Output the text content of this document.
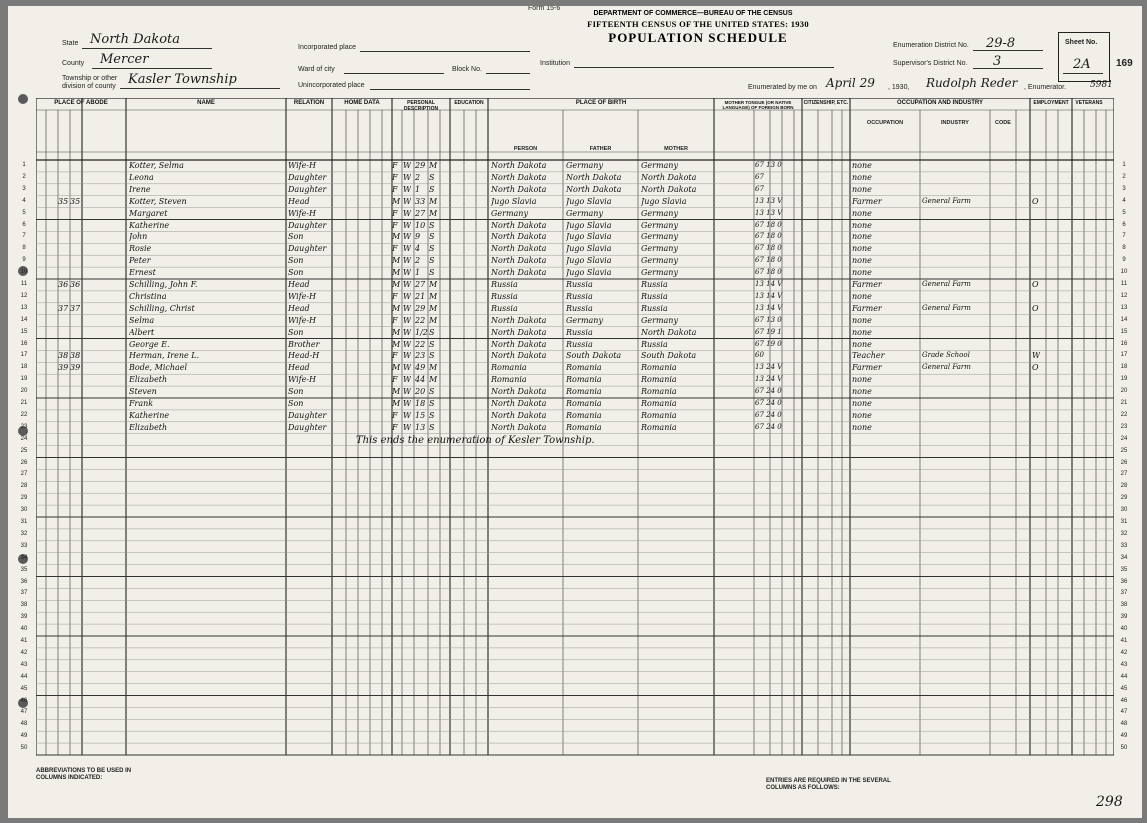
Form 15-6
DEPARTMENT OF COMMERCE—BUREAU OF THE CENSUS
FIFTEENTH CENSUS OF THE UNITED STATES: 1930
POPULATION SCHEDULE
State North Dakota
County Mercer
Township or other division of county Kasler Township
Incorporated place
Ward of city	Block No.
Unincorporated place
Institution
Enumeration District No. 29-8
Supervisor's District No. 3
Sheet No.
2A	169
5981
Enumerated by me on April 29 , 1930, Rudolph Reder , Enumerator.
PLACE OF ABODE	NAME	RELATION	HOME DATA	PERSONAL DESCRIPTION
EDUCATION	PLACE OF BIRTH	MOTHER TONGUE (OR NATIVE LANGUAGE) OF FOREIGN BORN
CITIZENSHIP, ETC.	OCCUPATION AND INDUSTRY	EMPLOYMENT	VETERANS
PERSON	FATHER	MOTHER
OCCUPATION	INDUSTRY	CODE
1	1
2	2
3	3
4	4
5	5
6	6
7	7
8	8
9	9
10	10
11	11
12	12
13	13
14	14
15	15
16	16
17	17
18	18
19	19
20	20
21	21
22	22
23	23
24	24
25	25
26	26
27	27
28	28
29	29
30	30
31	31
32	32
33	33
34	34
35	35
36	36
37	37
38	38
39	39
40	40
41	41
42	42
43	43
44	44
45	45
46	46
47	47
48	48
49	49
50	50
Kotter, Selma	Wife-H	F W 29 M	North Dakota	Germany	Germany	67 13 0	none
Leona	Daughter	F W 2	S	North Dakota	North Dakota	North Dakota	67	none
Irene	Daughter	F W 1	S	North Dakota	North Dakota	North Dakota	67	none
35 35	Kotter, Steven	Head	M W 33 M	Jugo Slavia	Jugo Slavia	Jugo Slavia	13 13 V	Farmer	General Farm	O
Margaret	Wife-H	F W 27 M	Germany	Germany	Germany	13 13 V	none
Katherine	Daughter	F W 10 S	North Dakota	Jugo Slavia	Germany	67 18 0	none
John	Son	M W 9	S	North Dakota	Jugo Slavia	Germany	67 18 0	none
Rosie	Daughter	F W 4	S	North Dakota	Jugo Slavia	Germany	67 18 0	none
Peter	Son	M W 2	S	North Dakota	Jugo Slavia	Germany	67 18 0	none
Ernest	Son	M W 1	S	North Dakota	Jugo Slavia	Germany	67 18 0	none
36 36	Schilling, John F.	Head	M W 27 M	Russia	Russia	Russia	13 14 V	Farmer	General Farm	O
Christina	Wife-H	F W 21 M	Russia	Russia	Russia	13 14 V	none
37 37	Schilling, Christ	Head	M W 29 M	Russia	Russia	Russia	13 14 V	Farmer	General Farm	O
Selma	Wife-H	F W 22 M	North Dakota	Germany	Germany	67 13 0	none
Albert	Son	M W 1/2 S	North Dakota	Russia	North Dakota	67 19 1	none
George E.	Brother	M W 22 S	North Dakota	Russia	Russia	67 19 0	none
38 38	Herman, Irene L.	Head-H	F W 23 S	North Dakota	South Dakota	South Dakota	60	Teacher	Grade School	W
39 39	Bode, Michael	Head	M W 49 M	Romania	Romania	Romania	13 24 V	Farmer	General Farm	O
Elizabeth	Wife-H	F W 44 M	Romania	Romania	Romania	13 24 V	none
Steven	Son	M W 20 S	North Dakota	Romania	Romania	67 24 0	none
Frank	Son	M W 18 S	North Dakota	Romania	Romania	67 24 0	none
Katherine	Daughter	F W 15 S	North Dakota	Romania	Romania	67 24 0	none
Elizabeth	Daughter	F W 13 S	North Dakota	Romania	Romania	67 24 0	none
This ends the enumeration of Kesler Township.
ABBREVIATIONS TO BE USED IN COLUMNS INDICATED:	ENTRIES ARE REQUIRED IN THE SEVERAL COLUMNS AS FOLLOWS:
298
